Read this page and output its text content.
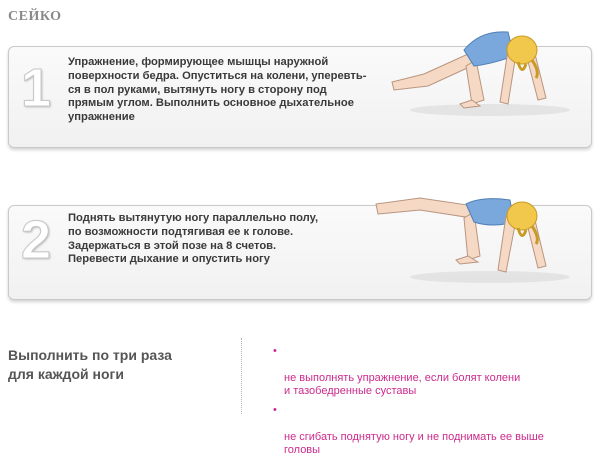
СЕЙКО
1 Упражнение, формирующее мышцы наружной
поверхности бедра. Опуститься на колени, уперевть-
ся в пол руками, вытянуть ногу в сторону под
прямым углом. Выполнить основное дыхательное
упражнение
2 Поднять вытянутую ногу параллельно полу,
по возможности подтягивая ее к голове.
Задержаться в этой позе на 8 счетов.
Перевести дыхание и опустить ногу
Выполнить по три раза
для каждой ноги

•

не выполнять упражнение, если болят колени
и тазобедренные суставы

•

не сгибать поднятую ногу и не поднимать ее выше
головы
